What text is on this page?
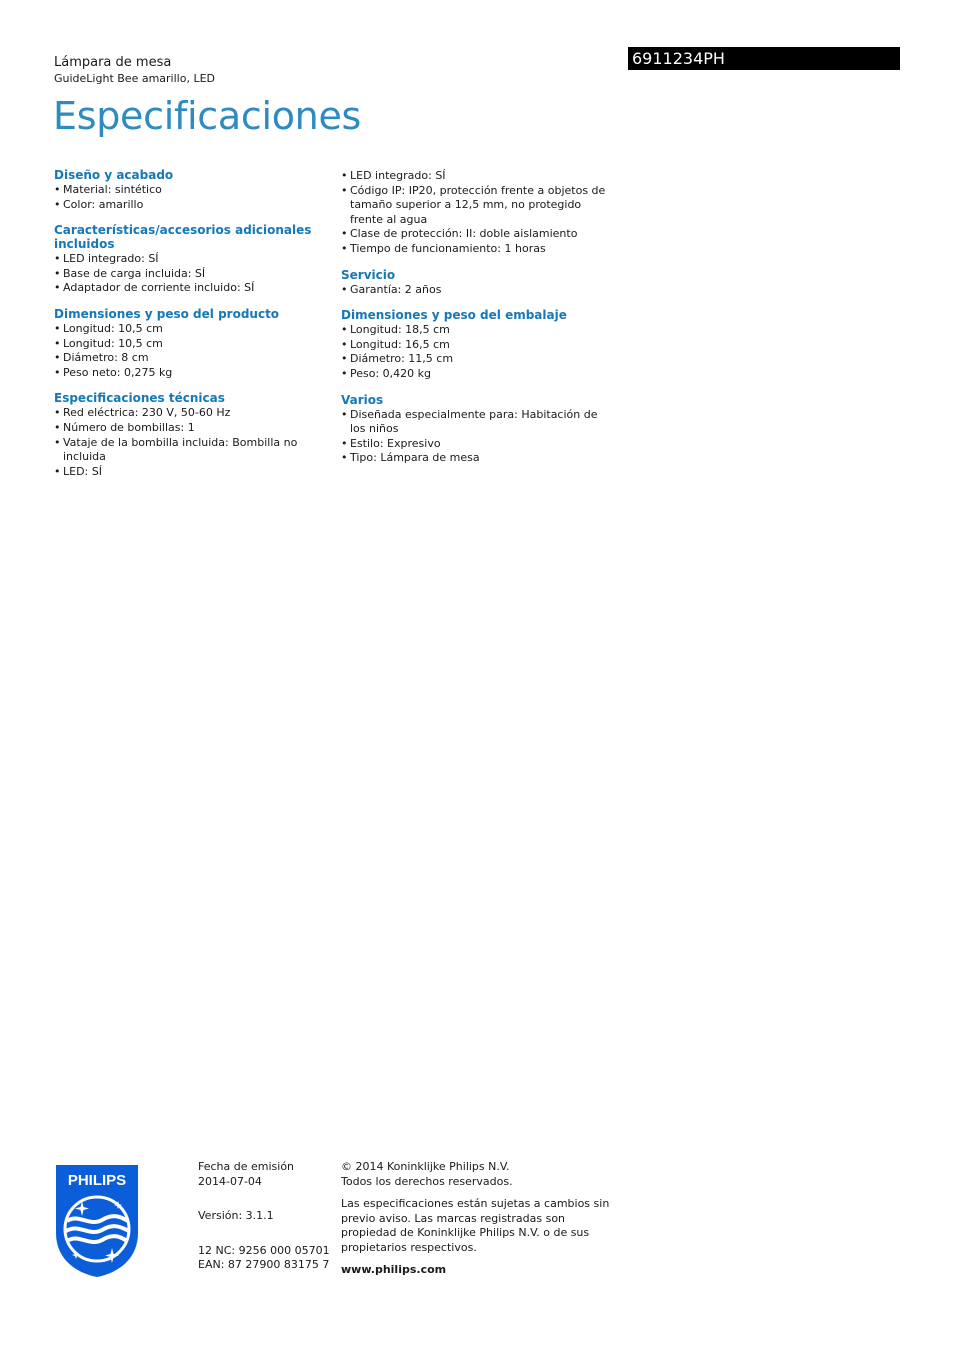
Lámpara de mesa
GuideLight Bee amarillo, LED
Especificaciones
6911234PH
Diseño y acabado
• Material: sintético
• Color: amarillo
Características/accesorios adicionales incluidos
• LED integrado: SÍ
• Base de carga incluida: SÍ
• Adaptador de corriente incluido: SÍ
Dimensiones y peso del producto
• Longitud: 10,5 cm
• Longitud: 10,5 cm
• Diámetro: 8 cm
• Peso neto: 0,275 kg
Especificaciones técnicas
• Red eléctrica: 230 V, 50-60 Hz
• Número de bombillas: 1
• Vataje de la bombilla incluida: Bombilla no incluida
• LED: SÍ
• LED integrado: SÍ
• Código IP: IP20, protección frente a objetos de tamaño superior a 12,5 mm, no protegido frente al agua
• Clase de protección: II: doble aislamiento
• Tiempo de funcionamiento: 1 horas
Servicio
• Garantía: 2 años
Dimensiones y peso del embalaje
• Longitud: 18,5 cm
• Longitud: 16,5 cm
• Diámetro: 11,5 cm
• Peso: 0,420 kg
Varios
• Diseñada especialmente para: Habitación de los niños
• Estilo: Expresivo
• Tipo: Lámpara de mesa
PHILIPS

Fecha de emisión

2014-07-04

Versión: 3.1.1

12 NC: 9256 000 05701

EAN: 87 27900 83175 7

© 2014 Koninklijke Philips N.V.

Todos los derechos reservados.

Las especificaciones están sujetas a cambios sin previo aviso. Las marcas registradas son propiedad de Koninklijke Philips N.V. o de sus propietarios respectivos.

www.philips.com
